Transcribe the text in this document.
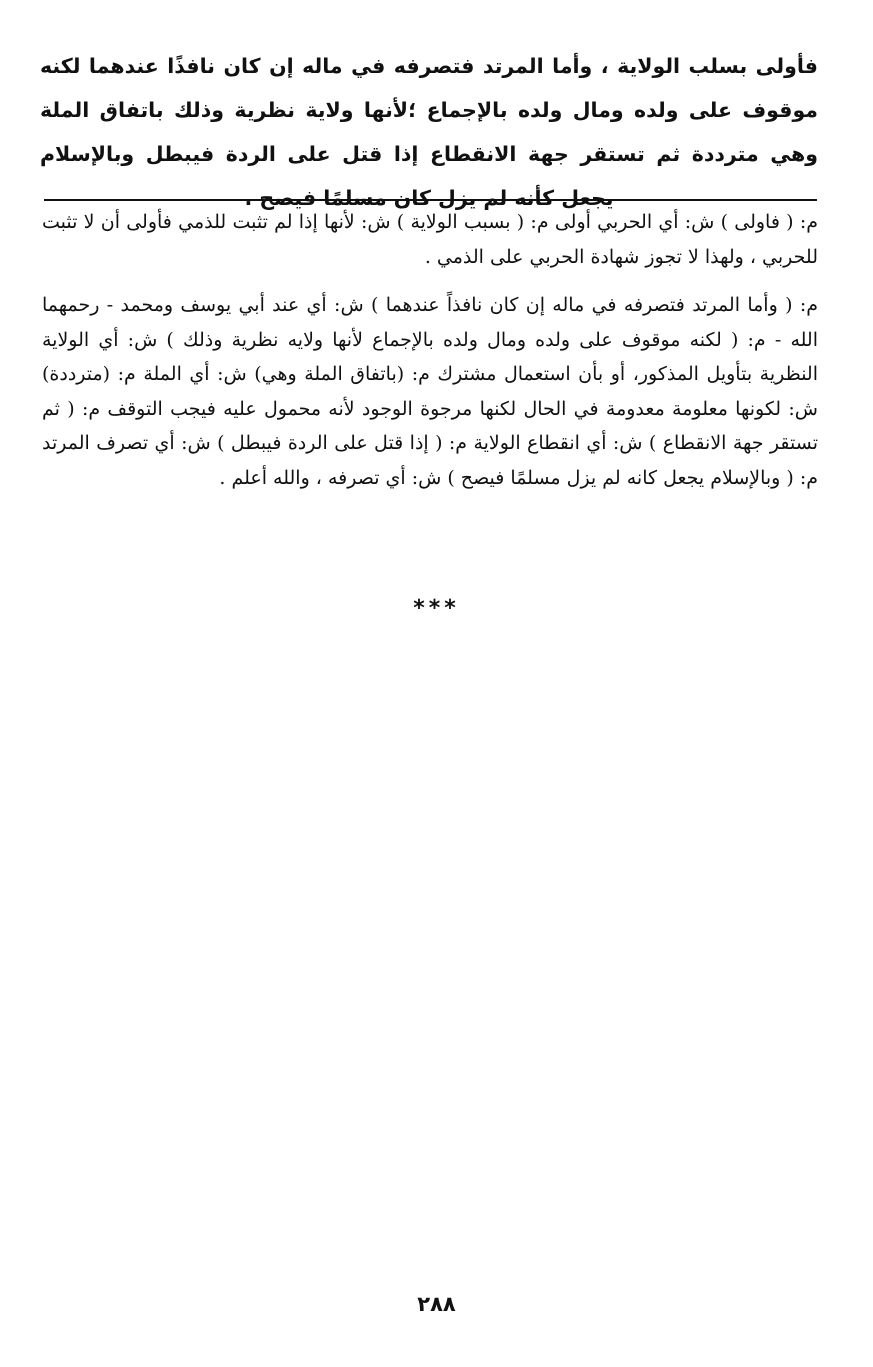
فأولى بسلب الولاية ، وأما المرتد فتصرفه في ماله إن كان نافذًا عندهما لكنه موقوف على ولده ومال ولده بالإجماع ؛لأنها ولاية نظرية وذلك باتفاق الملة وهي مترددة ثم تستقر جهة الانقطاع إذا قتل على الردة فيبطل وبالإسلام يجعل كأنه لم يزل كان مسلمًا فيصح .

م: ( فاولى ) ش: أي الحربي أولى م: ( بسبب الولاية ) ش: لأنها إذا لم تثبت للذمي فأولى أن لا تثبت للحربي ، ولهذا لا تجوز شهادة الحربي على الذمي .

م: ( وأما المرتد فتصرفه في ماله إن كان نافذاً عندهما ) ش: أي عند أبي يوسف ومحمد - رحمهما الله - م: ( لكنه موقوف على ولده ومال ولده بالإجماع لأنها ولايه نظرية وذلك ) ش: أي الولاية النظرية بتأويل المذكور، أو بأن استعمال مشترك م: (باتفاق الملة وهي) ش: أي الملة م: (مترددة) ش: لكونها معلومة معدومة في الحال لكنها مرجوة الوجود لأنه محمول عليه فيجب التوقف م: ( ثم تستقر جهة الانقطاع ) ش: أي انقطاع الولاية م: ( إذا قتل على الردة فيبطل ) ش: أي تصرف المرتد م: ( وبالإسلام يجعل كانه لم يزل مسلمًا فيصح ) ش: أي تصرفه ، والله أعلم .

***
٢٨٨
